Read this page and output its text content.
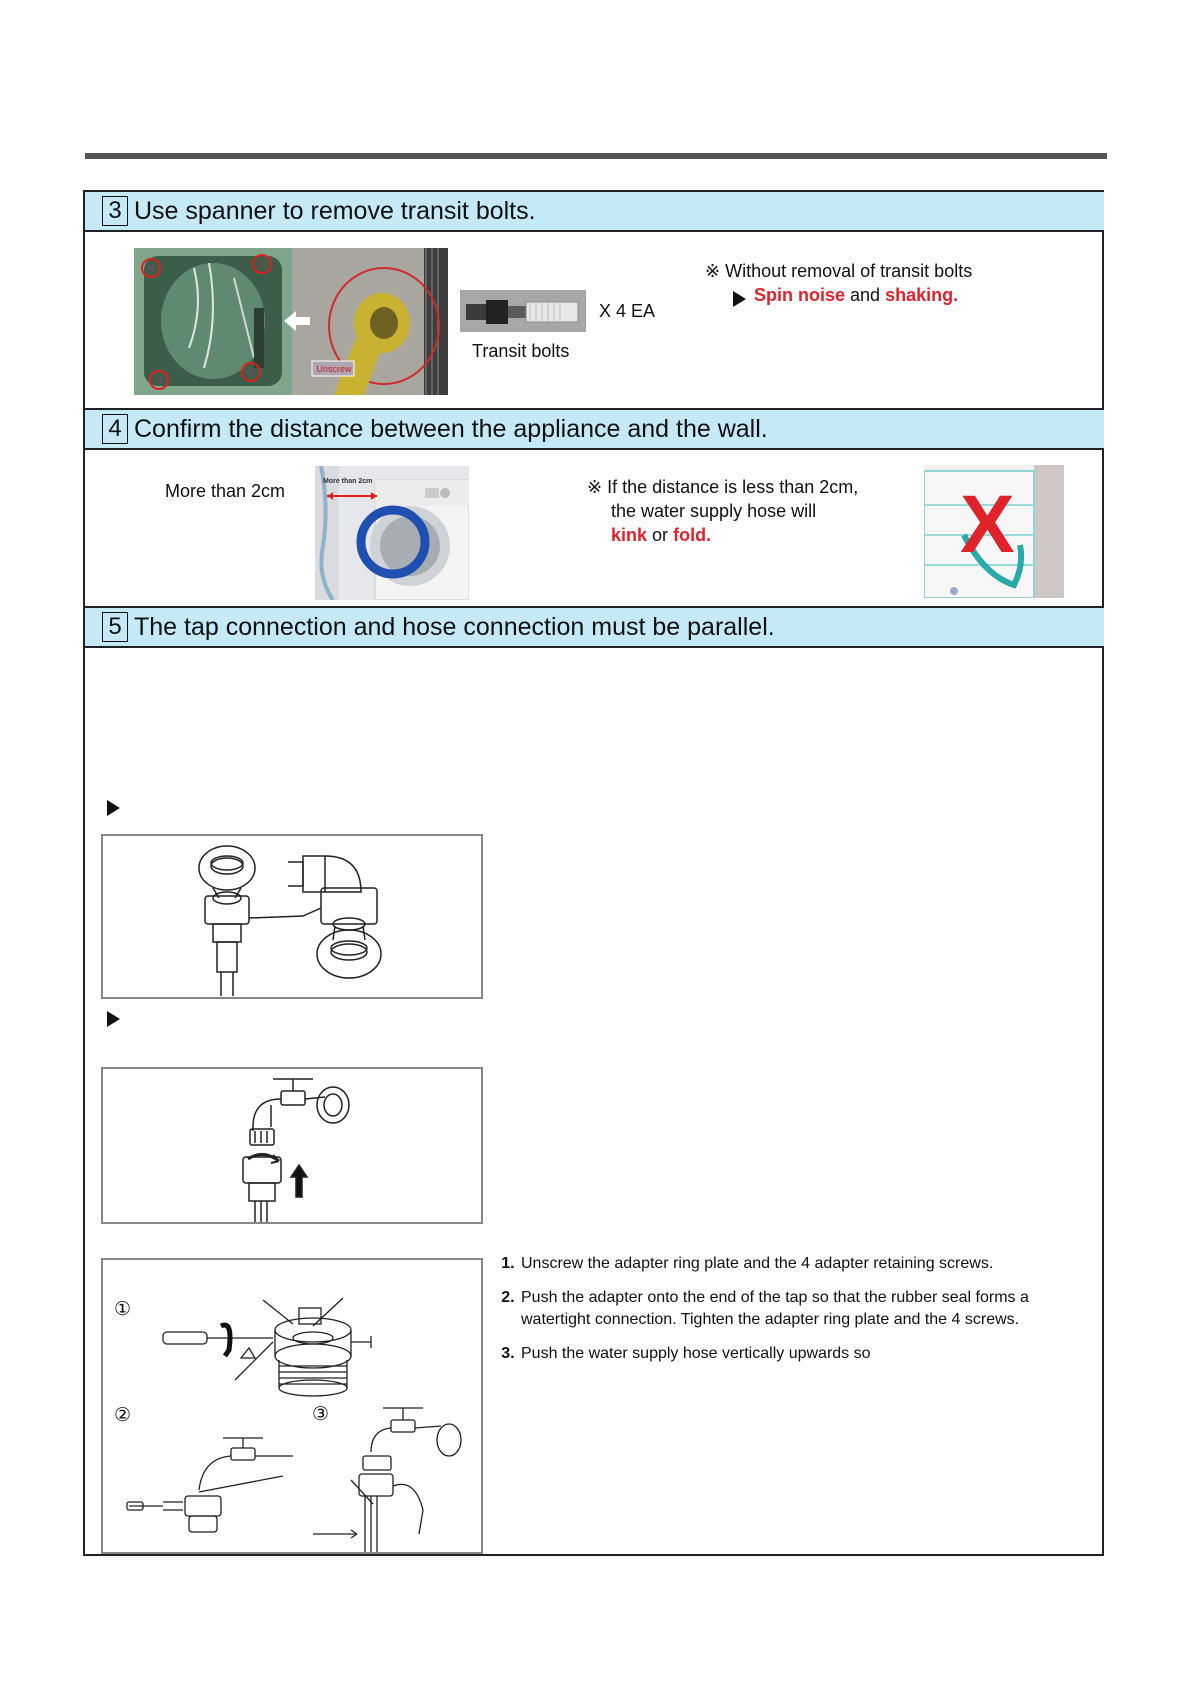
3 Use spanner to remove transit bolts.
Unscrew
X 4 EA
Transit bolts
※ Without removal of transit bolts
Spin noise and shaking.
4 Confirm the distance between the appliance and the wall.
More than 2cm	More than 2cm	※ If the distance is less than 2cm,
the water supply hose will
kink or fold.	X
5 The tap connection and hose connection must be parallel.
①
②	③
1. Unscrew the adapter ring plate and the 4 adapter retaining screws.
2. Push the adapter onto the end of the tap so that the rubber seal forms a watertight connection. Tighten the adapter ring plate and the 4 screws.
3. Push the water supply hose vertically upwards so
